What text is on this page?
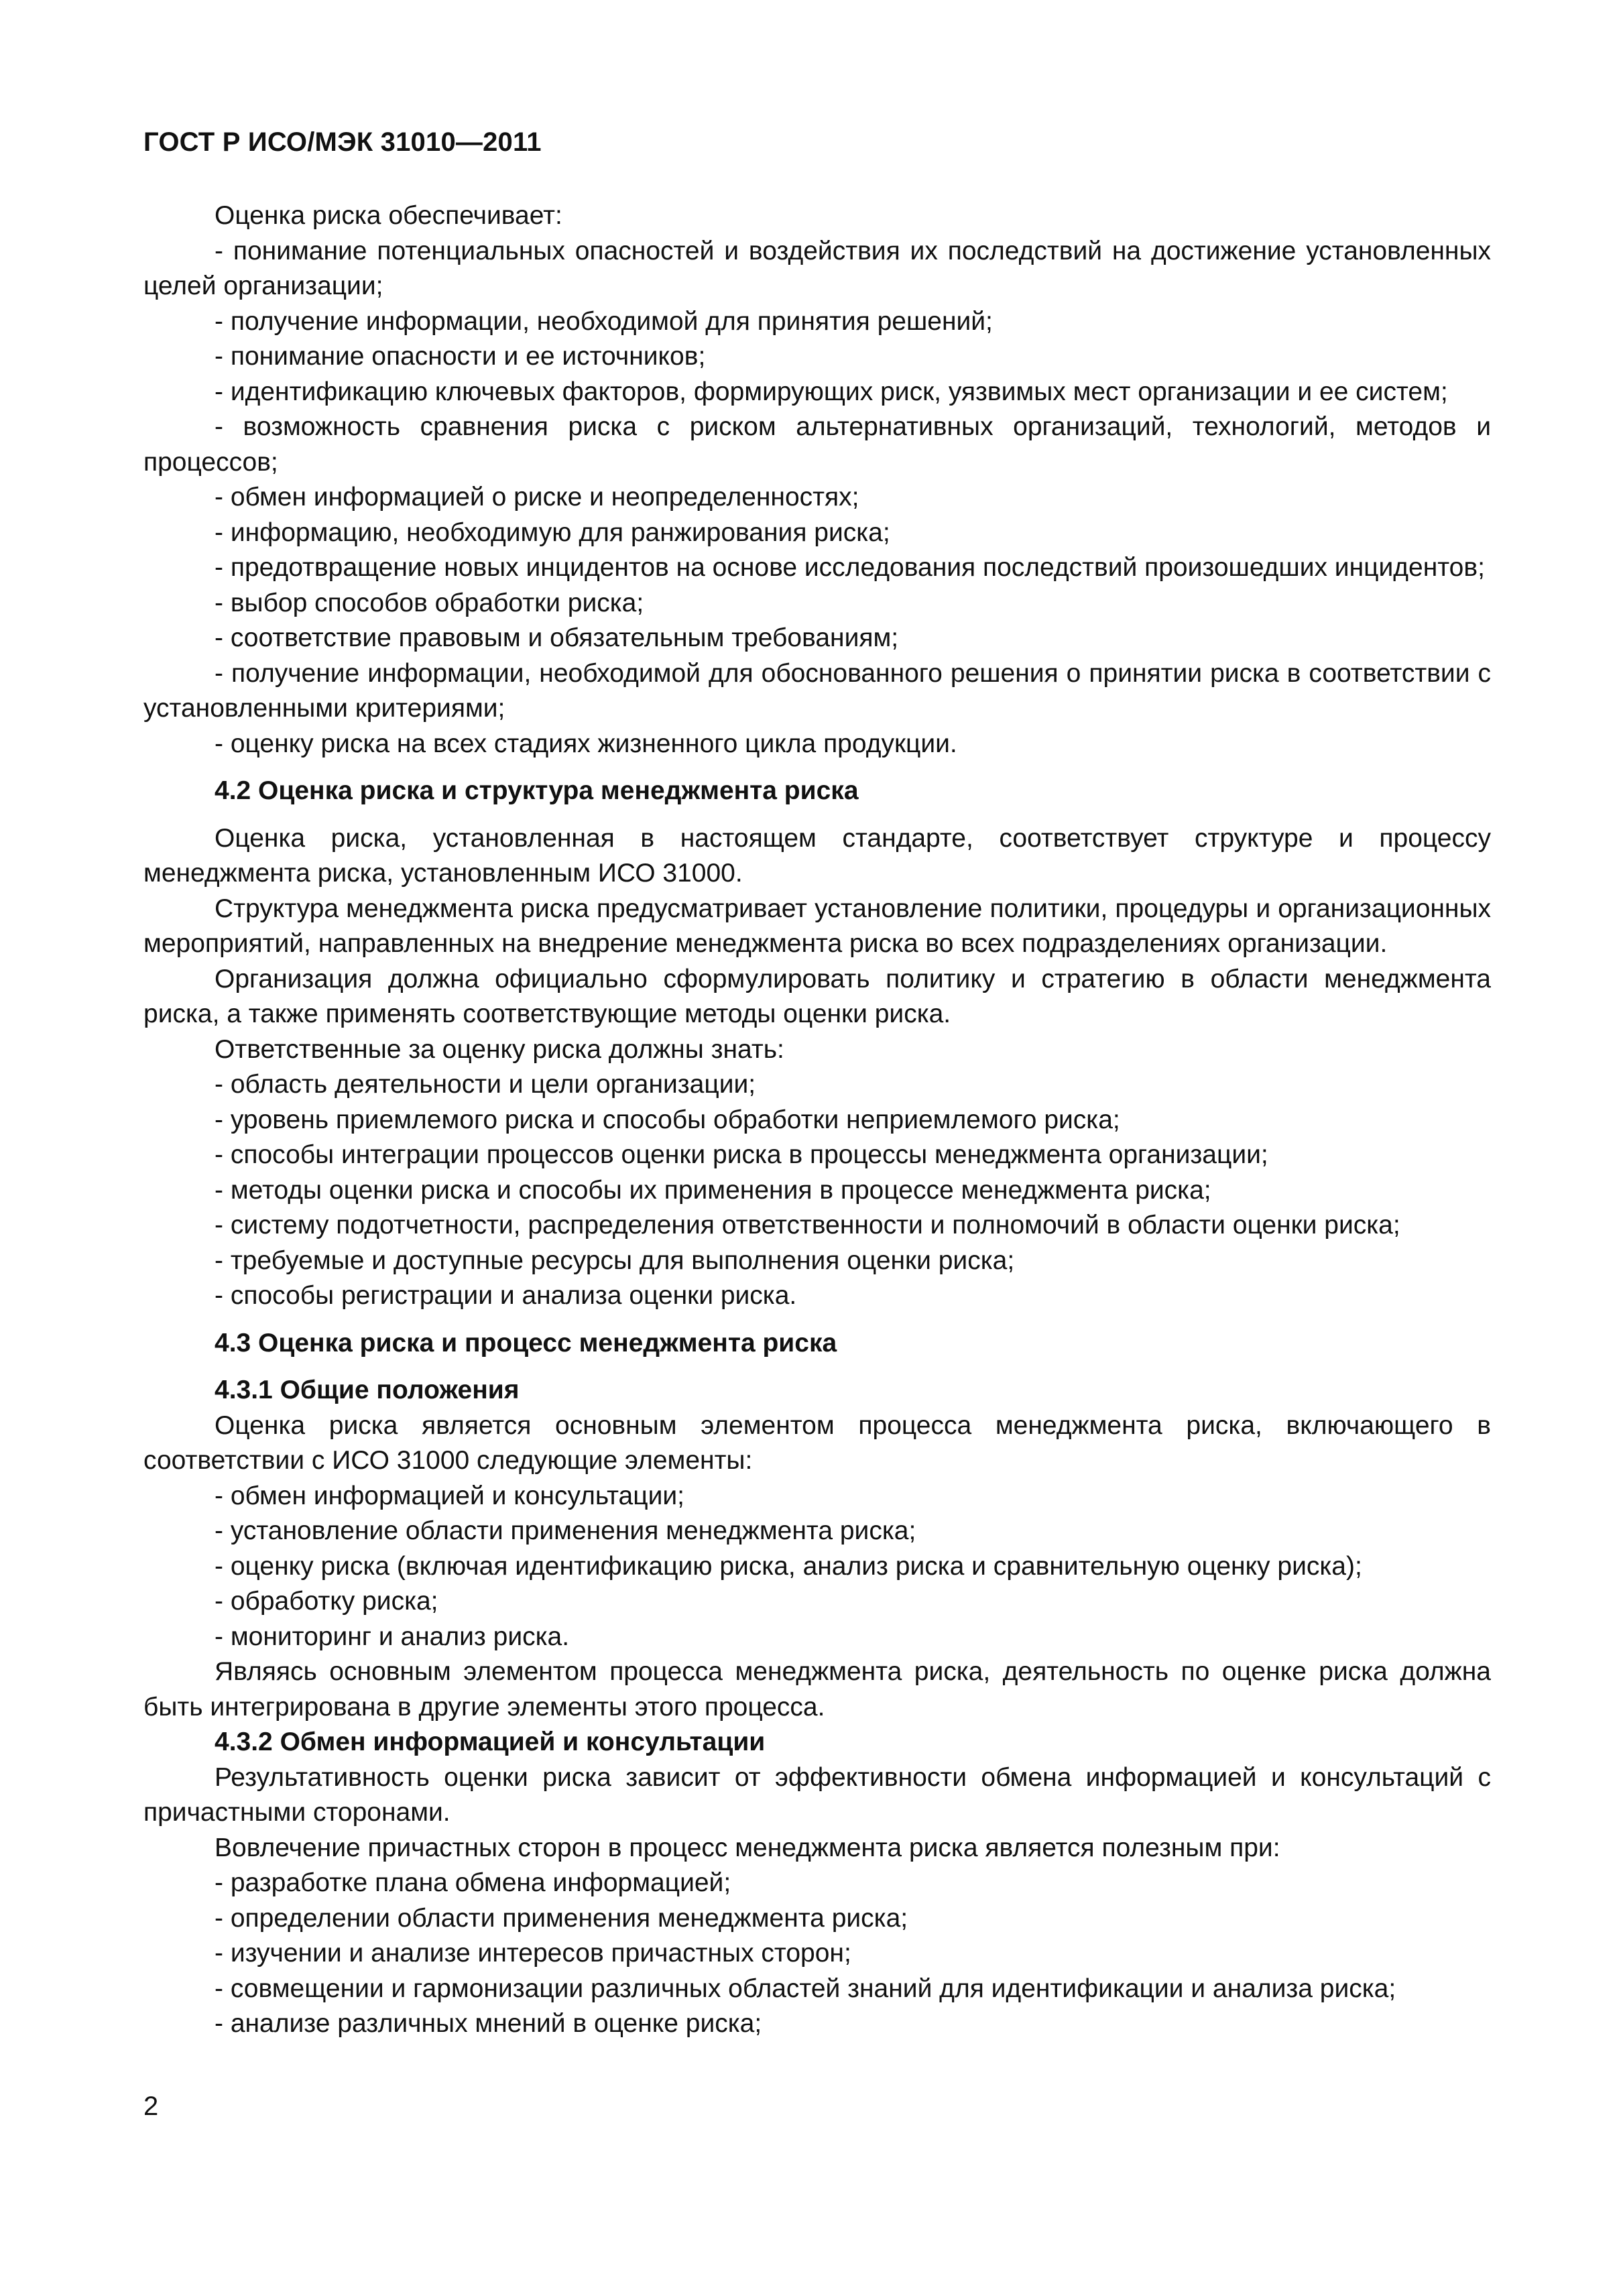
ГОСТ Р ИСО/МЭК 31010—2011
Оценка риска обеспечивает:
- понимание потенциальных опасностей и воздействия их последствий на достижение установленных целей организации;
- получение информации, необходимой для принятия решений;
- понимание опасности и ее источников;
- идентификацию ключевых факторов, формирующих риск, уязвимых мест организации и ее систем;
- возможность сравнения риска с риском альтернативных организаций, технологий, методов и процессов;
- обмен информацией о риске и неопределенностях;
- информацию, необходимую для ранжирования риска;
- предотвращение новых инцидентов на основе исследования последствий произошедших инцидентов;
- выбор способов обработки риска;
- соответствие правовым и обязательным требованиям;
- получение информации, необходимой для обоснованного решения о принятии риска в соответствии с установленными критериями;
- оценку риска на всех стадиях жизненного цикла продукции.
4.2 Оценка риска и структура менеджмента риска
Оценка риска, установленная в настоящем стандарте, соответствует структуре и процессу менеджмента риска, установленным ИСО 31000.
Структура менеджмента риска предусматривает установление политики, процедуры и организационных мероприятий, направленных на внедрение менеджмента риска во всех подразделениях организации.
Организация должна официально сформулировать политику и стратегию в области менеджмента риска, а также применять соответствующие методы оценки риска.
Ответственные за оценку риска должны знать:
- область деятельности и цели организации;
- уровень приемлемого риска и способы обработки неприемлемого риска;
- способы интеграции процессов оценки риска в процессы менеджмента организации;
- методы оценки риска и способы их применения в процессе менеджмента риска;
- систему подотчетности, распределения ответственности и полномочий в области оценки риска;
- требуемые и доступные ресурсы для выполнения оценки риска;
- способы регистрации и анализа оценки риска.
4.3 Оценка риска и процесс менеджмента риска
4.3.1 Общие положения
Оценка риска является основным элементом процесса менеджмента риска, включающего в соответствии с ИСО 31000 следующие элементы:
- обмен информацией и консультации;
- установление области применения менеджмента риска;
- оценку риска (включая идентификацию риска, анализ риска и сравнительную оценку риска);
- обработку риска;
- мониторинг и анализ риска.
Являясь основным элементом процесса менеджмента риска, деятельность по оценке риска должна быть интегрирована в другие элементы этого процесса.
4.3.2 Обмен информацией и консультации
Результативность оценки риска зависит от эффективности обмена информацией и консультаций с причастными сторонами.
Вовлечение причастных сторон в процесс менеджмента риска является полезным при:
- разработке плана обмена информацией;
- определении области применения менеджмента риска;
- изучении и анализе интересов причастных сторон;
- совмещении и гармонизации различных областей знаний для идентификации и анализа риска;
- анализе различных мнений в оценке риска;
2
